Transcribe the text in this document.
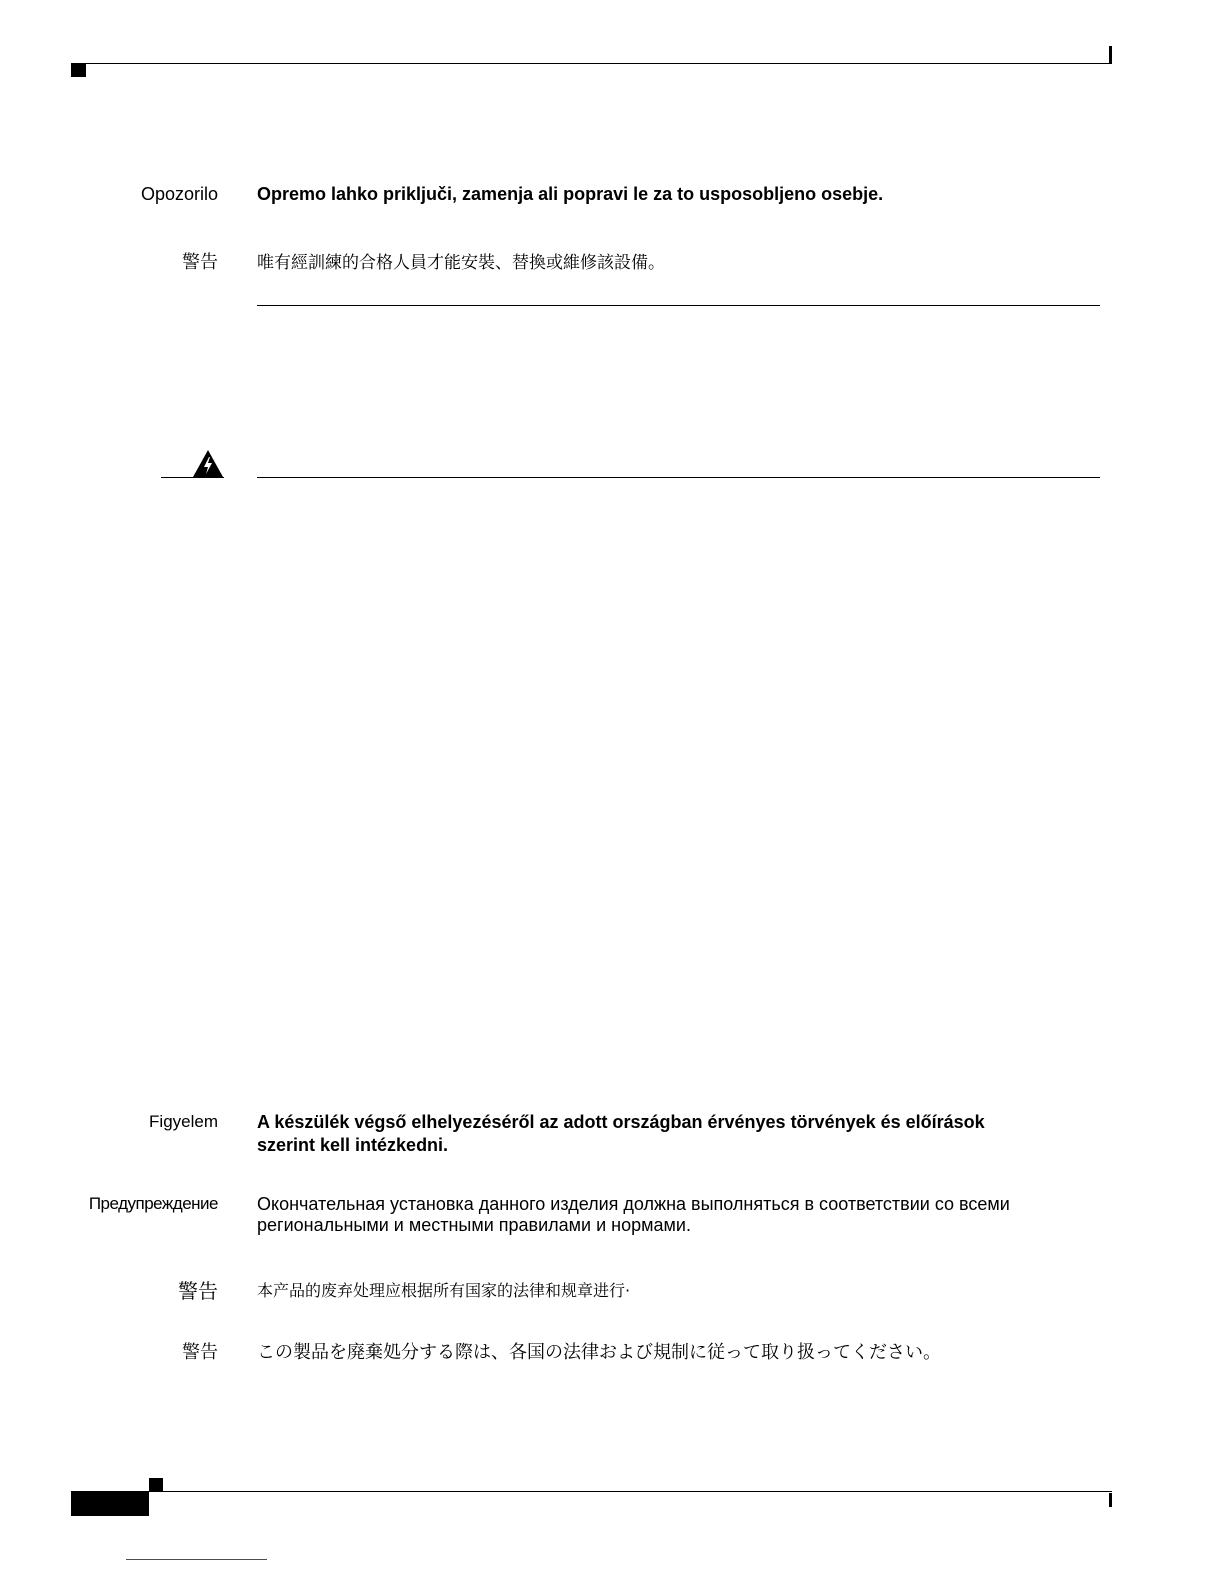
Opozorilo Opremo lahko priključi, zamenja ali popravi le za to usposobljeno osebje.
警告 唯有經訓練的合格人員才能安裝、替換或維修該設備。
Figyelem A készülék végső elhelyezéséről az adott országban érvényes törvények és előírások
szerint kell intézkedni.
Предупреждение Окончательная установка данного изделия должна выполняться в соответствии со всеми
региональными и местными правилами и нормами.
警告 本产品的废弃处理应根据所有国家的法律和规章进行·
警告 この製品を廃棄処分する際は、各国の法律および規制に従って取り扱ってください。
